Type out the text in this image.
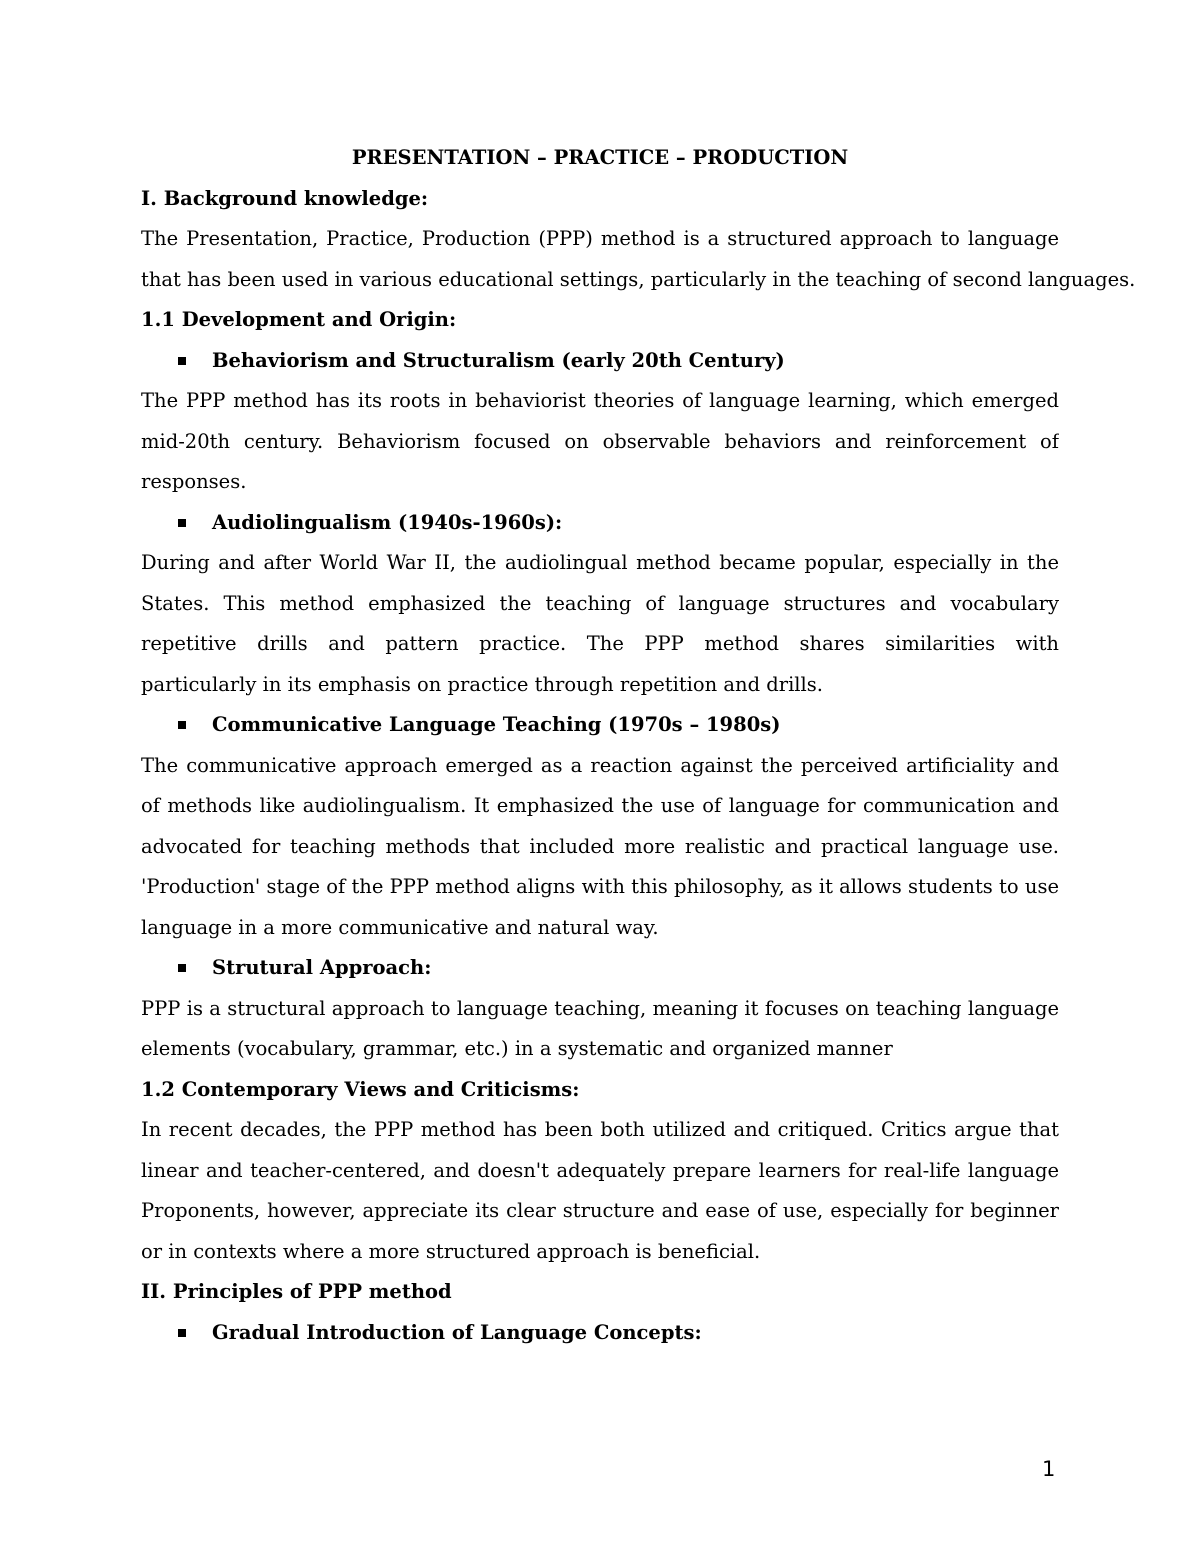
PRESENTATION – PRACTICE – PRODUCTION
I. Background knowledge:
The Presentation, Practice, Production (PPP) method is a structured approach to language
that has been used in various educational settings, particularly in the teaching of second languages.
1.1 Development and Origin:
Behaviorism and Structuralism (early 20th Century)
The PPP method has its roots in behaviorist theories of language learning, which emerged
mid-20th century. Behaviorism focused on observable behaviors and reinforcement of
responses.
Audiolingualism (1940s-1960s):
During and after World War II, the audiolingual method became popular, especially in the
States. This method emphasized the teaching of language structures and vocabulary
repetitive drills and pattern practice. The PPP method shares similarities with
particularly in its emphasis on practice through repetition and drills.
Communicative Language Teaching (1970s – 1980s)
The communicative approach emerged as a reaction against the perceived artificiality and
of methods like audiolingualism. It emphasized the use of language for communication and
advocated for teaching methods that included more realistic and practical language use.
'Production' stage of the PPP method aligns with this philosophy, as it allows students to use
language in a more communicative and natural way.
Strutural Approach:
PPP is a structural approach to language teaching, meaning it focuses on teaching language
elements (vocabulary, grammar, etc.) in a systematic and organized manner
1.2 Contemporary Views and Criticisms:
In recent decades, the PPP method has been both utilized and critiqued. Critics argue that
linear and teacher-centered, and doesn't adequately prepare learners for real-life language
Proponents, however, appreciate its clear structure and ease of use, especially for beginner
or in contexts where a more structured approach is beneficial.
II. Principles of PPP method
Gradual Introduction of Language Concepts:
1
